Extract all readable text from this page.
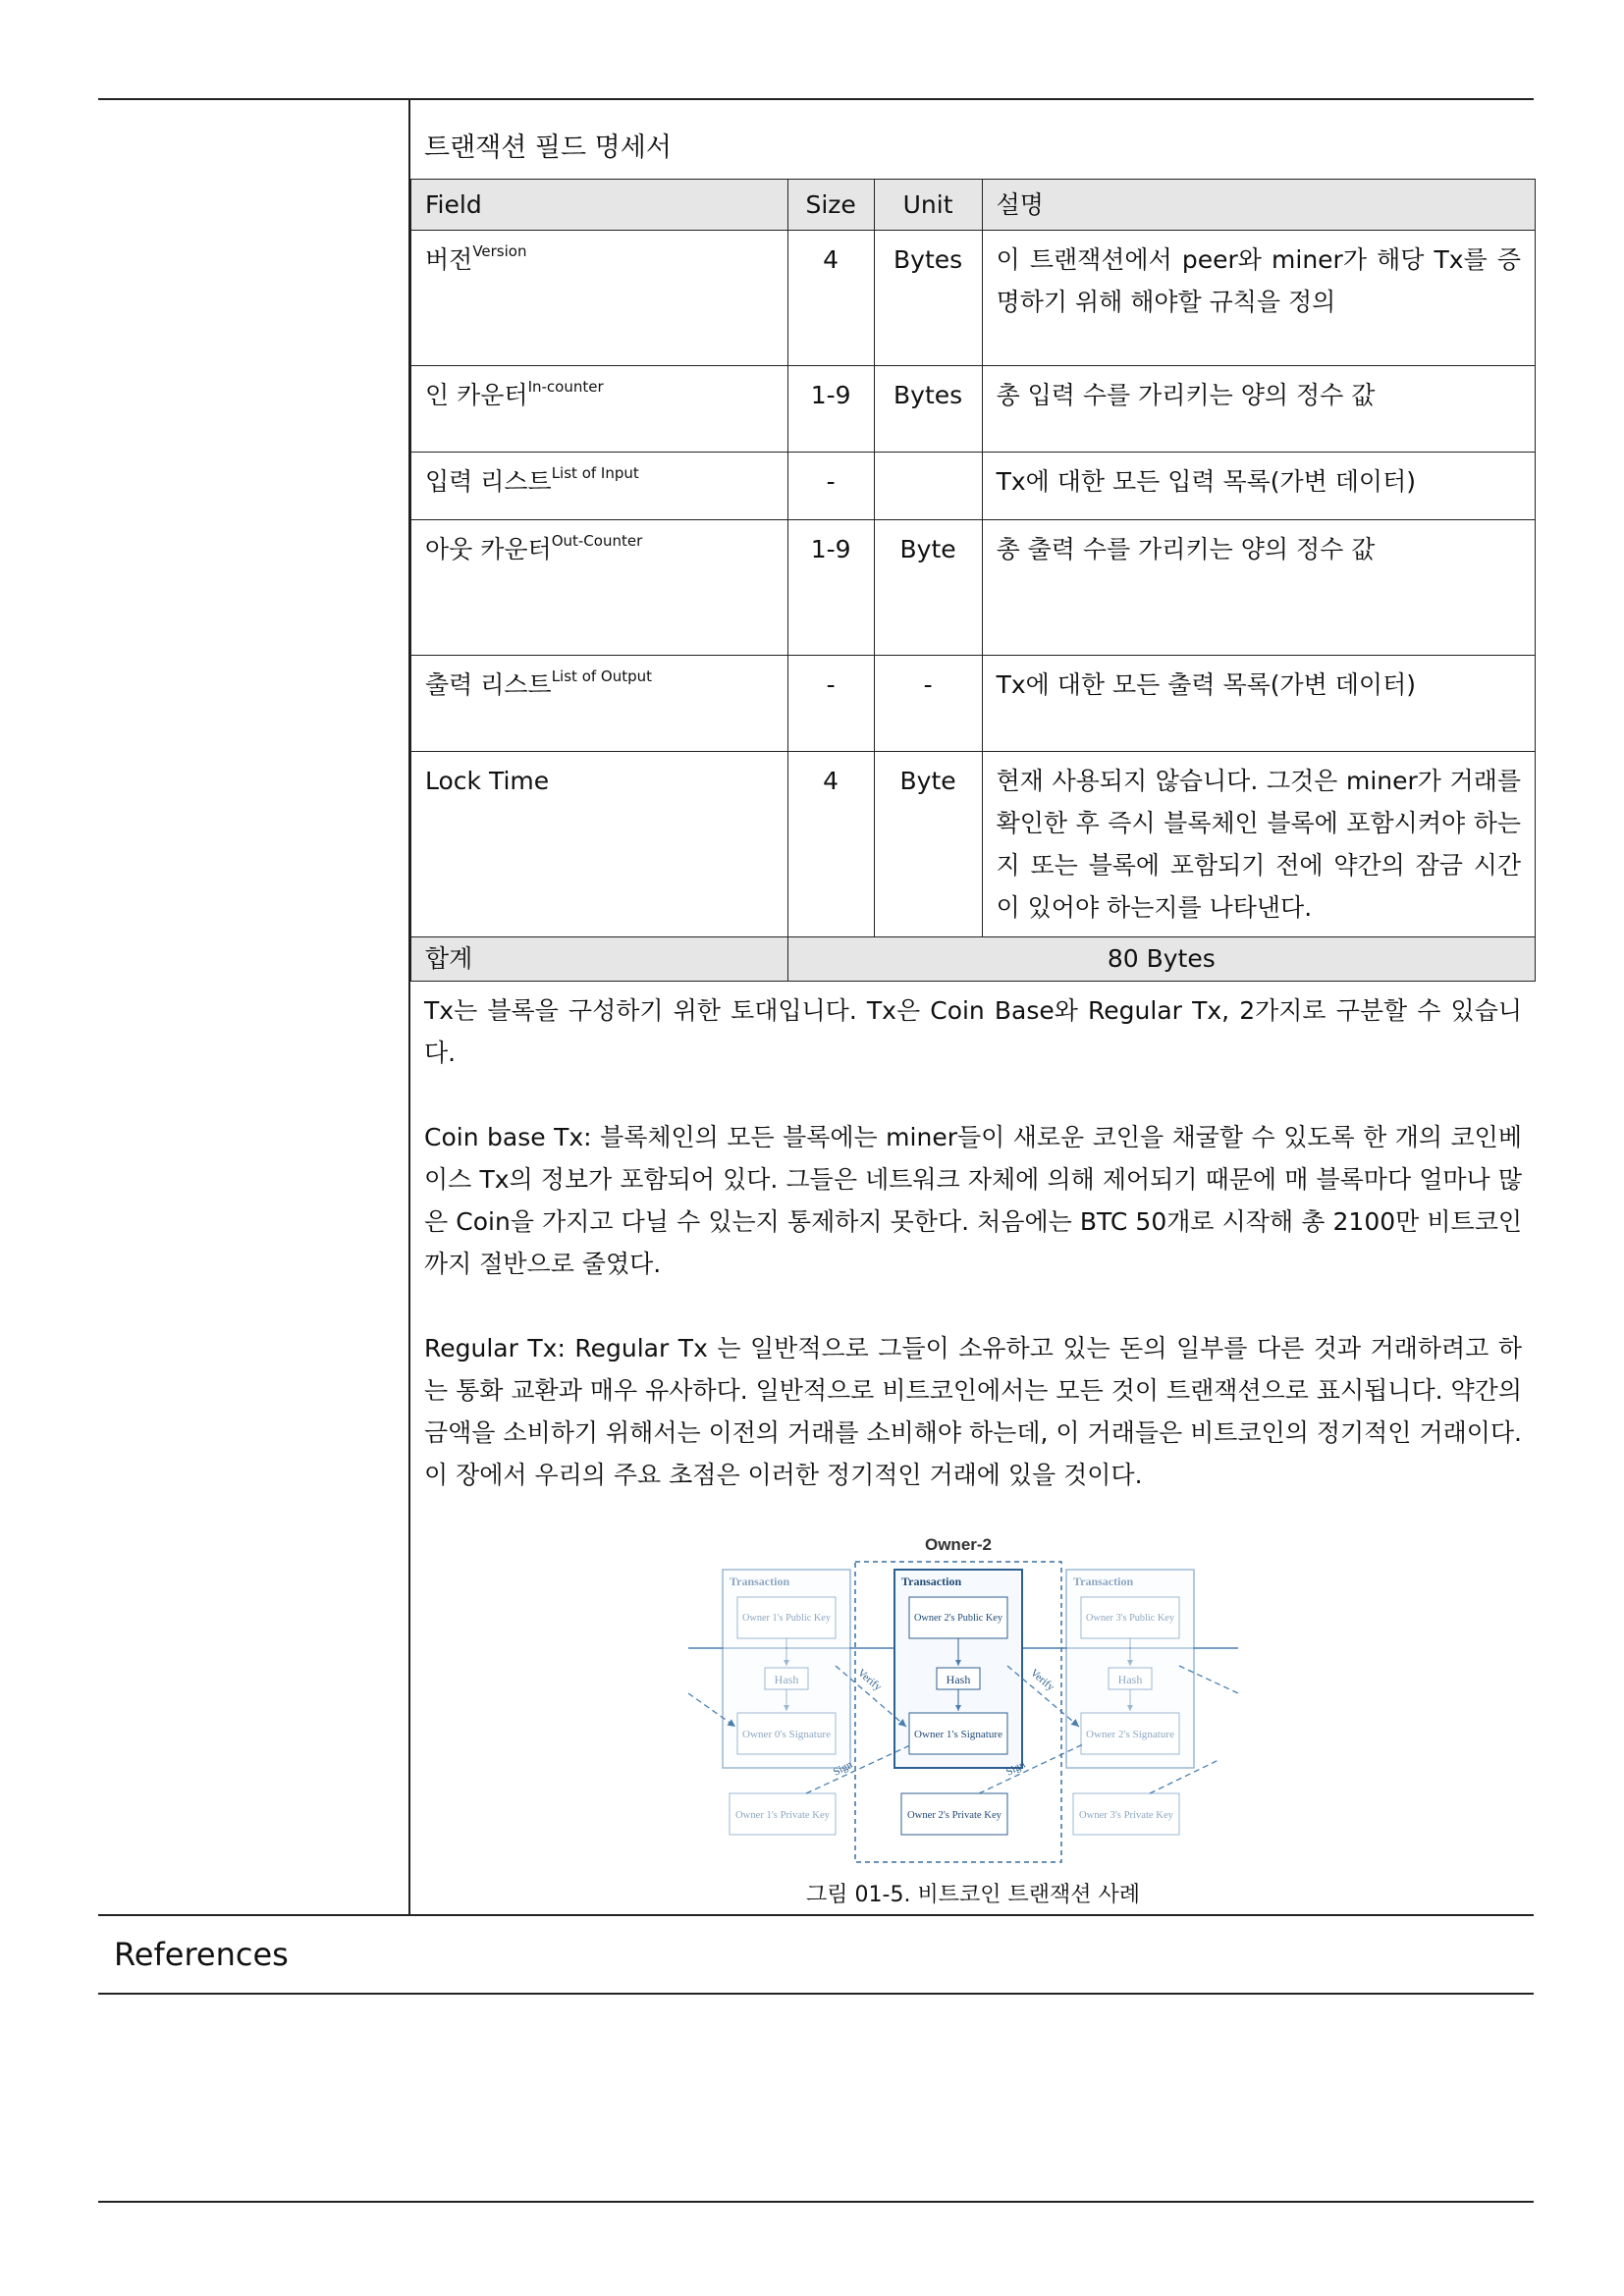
트랜잭션 필드 명세서
Field	Size	Unit	설명
버전$^{Version}$	4	Bytes	이 트랜잭션에서 peer와 miner가 해당 Tx를 증명하기 위해 해야할 규칙을 정의
인 카운터$^{In-counter}$	1-9	Bytes	총 입력 수를 가리키는 양의 정수 값
입력 리스트$^{List of Input}$	-		Tx에 대한 모든 입력 목록(가변 데이터)
아웃 카운터$^{Out-Counter}$	1-9	Byte	총 출력 수를 가리키는 양의 정수 값
출력 리스트$^{List of Output}$	-	-	Tx에 대한 모든 출력 목록(가변 데이터)
Lock Time	4	Byte	현재 사용되지 않습니다. 그것은 miner가 거래를 확인한 후 즉시 블록체인 블록에 포함시켜야 하는지 또는 블록에 포함되기 전에 약간의 잠금 시간이 있어야 하는지를 나타낸다.
합계	80 Bytes		

Tx는 블록을 구성하기 위한 토대입니다. Tx은 Coin Base와 Regular Tx, 2가지로 구분할 수 있습니다.

Coin base Tx: 블록체인의 모든 블록에는 miner들이 새로운 코인을 채굴할 수 있도록 한 개의 코인베이스 Tx의 정보가 포함되어 있다. 그들은 네트워크 자체에 의해 제어되기 때문에 매 블록마다 얼마나 많은 Coin을 가지고 다닐 수 있는지 통제하지 못한다. 처음에는 BTC 50개로 시작해 총 2100만 비트코인까지 절반으로 줄였다.

Regular Tx: Regular Tx 는 일반적으로 그들이 소유하고 있는 돈의 일부를 다른 것과 거래하려고 하는 통화 교환과 매우 유사하다. 일반적으로 비트코인에서는 모든 것이 트랜잭션으로 표시됩니다. 약간의 금액을 소비하기 위해서는 이전의 거래를 소비해야 하는데, 이 거래들은 비트코인의 정기적인 거래이다. 이 장에서 우리의 주요 초점은 이러한 정기적인 거래에 있을 것이다.

Owner-2
Transaction
Owner 1's Public Key
Hash
Owner 0's Signature
Owner 1's Private Key
Transaction
Owner 2's Public Key
Hash
Owner 1's Signature
Owner 2's Private Key
Transaction
Owner 3's Public Key
Hash
Owner 2's Signature
Owner 3's Private Key
Verify	Verify
Sign	Sign
그림 01-5. 비트코인 트랜잭션 사례
References
